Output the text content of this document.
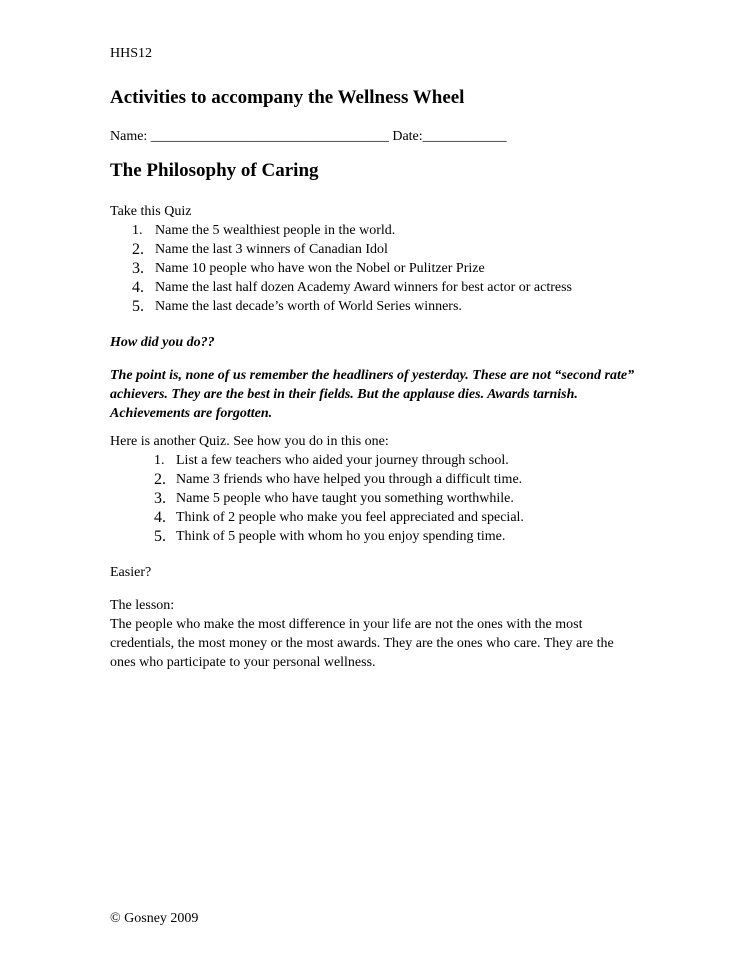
HHS12
Activities to accompany the Wellness Wheel
Name: __________________________________ Date:____________
The Philosophy of Caring

Take this Quiz

1. Name the 5 wealthiest people in the world.
2. Name the last 3 winners of Canadian Idol
3. Name 10 people who have won the Nobel or Pulitzer Prize
4. Name the last half dozen Academy Award winners for best actor or actress
5. Name the last decade’s worth of World Series winners.
How did you do??
The point is, none of us remember the headliners of yesterday. These are not “second rate” achievers. They are the best in their fields. But the applause dies. Awards tarnish. Achievements are forgotten.

Here is another Quiz. See how you do in this one:

1. List a few teachers who aided your journey through school.
2. Name 3 friends who have helped you through a difficult time.
3. Name 5 people who have taught you something worthwhile.
4. Think of 2 people who make you feel appreciated and special.
5. Think of 5 people with whom ho you enjoy spending time.
Easier?

The lesson:

The people who make the most difference in your life are not the ones with the most credentials, the most money or the most awards. They are the ones who care. They are the ones who participate to your personal wellness.

© Gosney 2009
